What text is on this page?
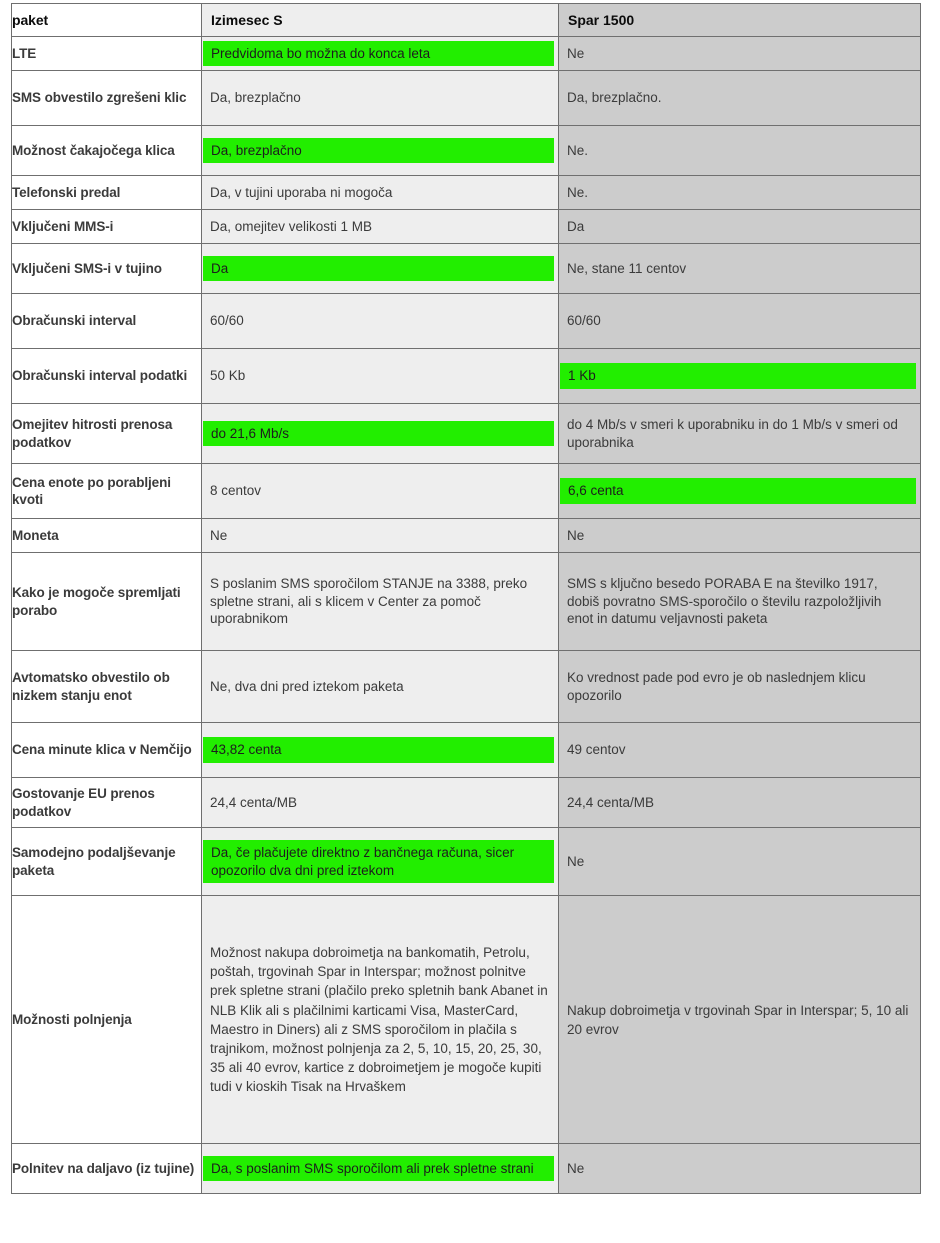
paket	Izimesec S	Spar 1500
LTE	Predvidoma bo možna do konca leta	Ne

SMS obvestilo zgrešeni klic	Da, brezplačno	Da, brezplačno.

Možnost čakajočega klica	Da, brezplačno	Ne.

Telefonski predal	Da, v tujini uporaba ni mogoča	Ne.

Vključeni MMS-i	Da, omejitev velikosti 1 MB	Da

Vključeni SMS-i v tujino	Da	Ne, stane 11 centov

Obračunski interval	60/60	60/60

Obračunski interval podatki	50 Kb	1 Kb

Omejitev hitrosti prenosa podatkov	do 21,6 Mb/s	do 4 Mb/s v smeri k uporabniku in do 1 Mb/s v smeri od uporabnika

Cena enote po porabljeni kvoti	8 centov	6,6 centa

Moneta	Ne	Ne

Kako je mogoče spremljati porabo	S poslanim SMS sporočilom STANJE na 3388, preko spletne strani, ali s klicem v Center za pomoč uporabnikom	SMS s ključno besedo PORABA E na številko 1917, dobiš povratno SMS-sporočilo o številu razpoložljivih enot in datumu veljavnosti paketa

Avtomatsko obvestilo ob nizkem stanju enot	Ne, dva dni pred iztekom paketa	Ko vrednost pade pod evro je ob naslednjem klicu opozorilo

Cena minute klica v Nemčijo	43,82 centa	49 centov

Gostovanje EU prenos podatkov	24,4 centa/MB	24,4 centa/MB

Samodejno podaljševanje paketa	Da, če plačujete direktno z bančnega računa, sicer opozorilo dva dni pred iztekom	Ne

Možnosti polnjenja	Možnost nakupa dobroimetja na bankomatih, Petrolu, poštah, trgovinah Spar in Interspar; možnost polnitve prek spletne strani (plačilo preko spletnih bank Abanet in NLB Klik ali s plačilnimi karticami Visa, MasterCard, Maestro in Diners) ali z SMS sporočilom in plačila s trajnikom, možnost polnjenja za 2, 5, 10, 15, 20, 25, 30, 35 ali 40 evrov, kartice z dobroimetjem je mogoče kupiti tudi v kioskih Tisak na Hrvaškem	Nakup dobroimetja v trgovinah Spar in Interspar; 5, 10 ali 20 evrov

Polnitev na daljavo (iz tujine)	Da, s poslanim SMS sporočilom ali prek spletne strani	Ne
